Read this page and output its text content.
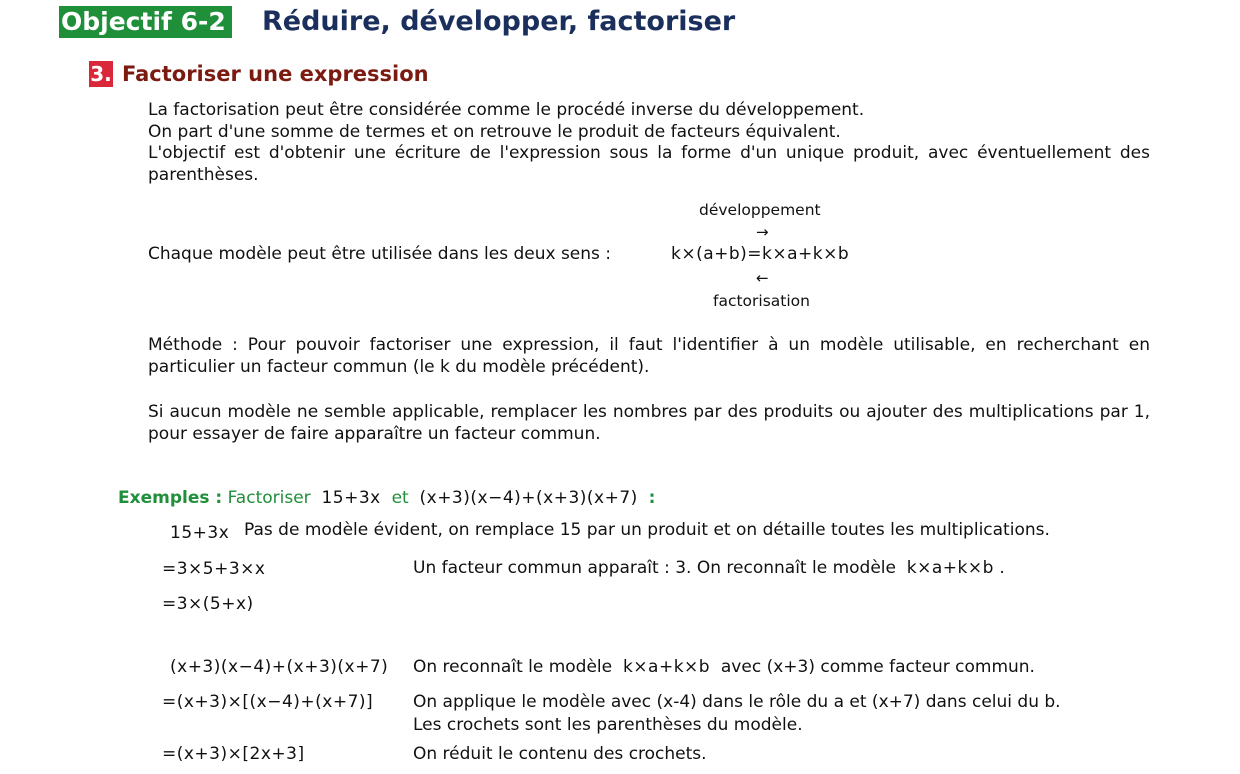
Objectif 6-2 Réduire, développer, factoriser
3. Factoriser une expression
La factorisation peut être considérée comme le procédé inverse du développement.
On part d'une somme de termes et on retrouve le produit de facteurs équivalent.
L'objectif est d'obtenir une écriture de l'expression sous la forme d'un unique produit, avec éventuellement des parenthèses.
développement
→
Chaque modèle peut être utilisée dans les deux sens :	k×(a+b)=k×a+k×b
←
factorisation
Méthode : Pour pouvoir factoriser une expression, il faut l'identifier à un modèle utilisable, en recherchant en particulier un facteur commun (le k du modèle précédent).
Si aucun modèle ne semble applicable, remplacer les nombres par des produits ou ajouter des multiplications par 1, pour essayer de faire apparaître un facteur commun.
Exemples : Factoriser 15+3x et (x+3)(x−4)+(x+3)(x+7) :
15+3x Pas de modèle évident, on remplace 15 par un produit et on détaille toutes les multiplications.
=3×5+3×x	Un facteur commun apparaît : 3. On reconnaît le modèle k×a+k×b .
=3×(5+x)
(x+3)(x−4)+(x+3)(x+7) On reconnaît le modèle k×a+k×b avec (x+3) comme facteur commun.
=(x+3)×[(x−4)+(x+7)] On applique le modèle avec (x-4) dans le rôle du a et (x+7) dans celui du b.
Les crochets sont les parenthèses du modèle.
=(x+3)×[2x+3]	On réduit le contenu des crochets.
